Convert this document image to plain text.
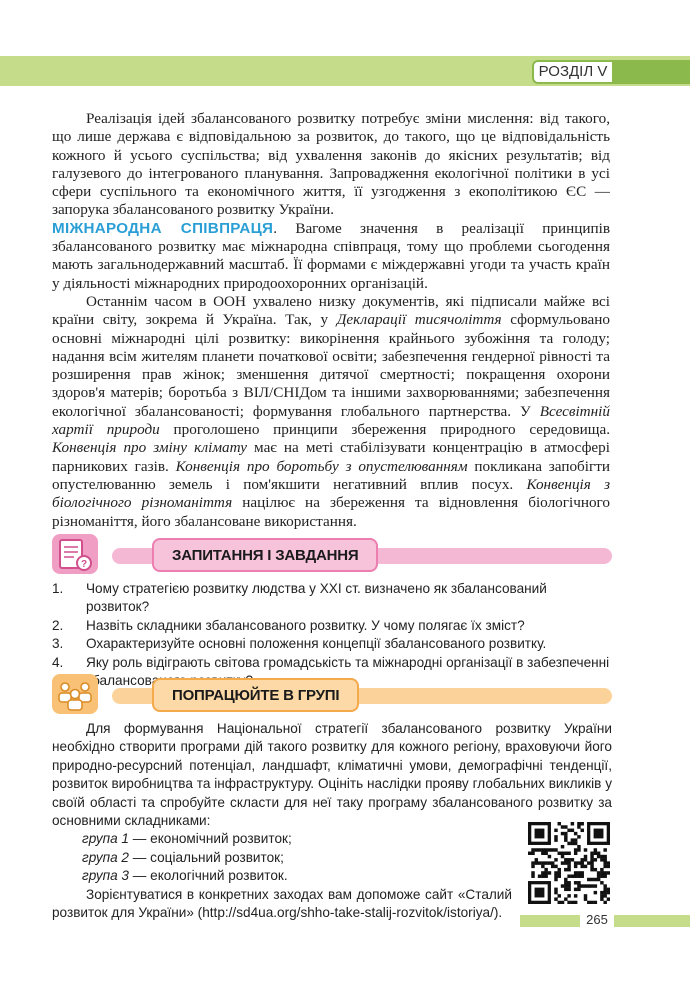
РОЗДІЛ V

Реалізація ідей збалансованого розвитку потребує зміни мислення: від такого, що лише держава є відповідальною за розвиток, до такого, що це відповідальність кожного й усього суспільства; від ухвалення законів до якісних результатів; від галузевого до інтегрованого планування. Запровадження екологічної політики в усі сфери суспільного та економічного життя, її узгодження з екополітикою ЄС — запорука збалансованого розвитку України.

МІЖНАРОДНА СПІВПРАЦЯ. Вагоме значення в реалізації принципів збалансованого розвитку має міжнародна співпраця, тому що проблеми сьогодення мають загальнодержавний масштаб. Її формами є міждержавні угоди та участь країн у діяльності міжнародних природоохоронних організацій.

Останнім часом в ООН ухвалено низку документів, які підписали майже всі країни світу, зокрема й Україна. Так, у Декларації тисячоліття сформульовано основні міжнародні цілі розвитку: викорінення крайнього зубожіння та голоду; надання всім жителям планети початкової освіти; забезпечення гендерної рівності та розширення прав жінок; зменшення дитячої смертності; покращення охорони здоров'я матерів; боротьба з ВІЛ/СНІДом та іншими захворюваннями; забезпечення екологічної збалансованості; формування глобального партнерства. У Всесвітній хартії природи проголошено принципи збереження природного середовища. Конвенція про зміну клімату має на меті стабілізувати концентрацію в атмосфері парникових газів. Конвенція про боротьбу з опустелюванням покликана запобігти опустелюванню земель і пом'якшити негативний вплив посух. Конвенція з біологічного різноманіття націлює на збереження та відновлення біологічного різноманіття, його збалансоване використання.

?
ЗАПИТАННЯ І ЗАВДАННЯ
1. Чому стратегією розвитку людства у XXI ст. визначено як збалансований розвиток?
2. Назвіть складники збалансованого розвитку. У чому полягає їх зміст?
3. Охарактеризуйте основні положення концепції збалансованого розвитку.
4. Яку роль відіграють світова громадськість та міжнародні організації в забезпеченні збалансованого
ПОПРАЦЮЙТЕ В ГРУПІ

Для формування Національної стратегії збалансованого розвитку України необхідно створити програми дій такого розвитку для кожного регіону, враховуючи його природно-ресурсний потенціал, ландшафт, кліматичні умови, демографічні тенденції, розвиток виробництва та інфраструктуру. Оцініть наслідки прояву глобальних викликів у своїй області та спробуйте скласти для неї таку програму збалансованого розвитку за основними складниками:

група 1 — економічний розвиток;

група 2 — соціальний розвиток;

група 3 — екологічний розвиток.

Зорієнтуватися в конкретних заходах вам допоможе сайт «Сталий розвиток для України» (http://sd4ua.org/shho-take-stalij-rozvitok/istoriya/).	265
